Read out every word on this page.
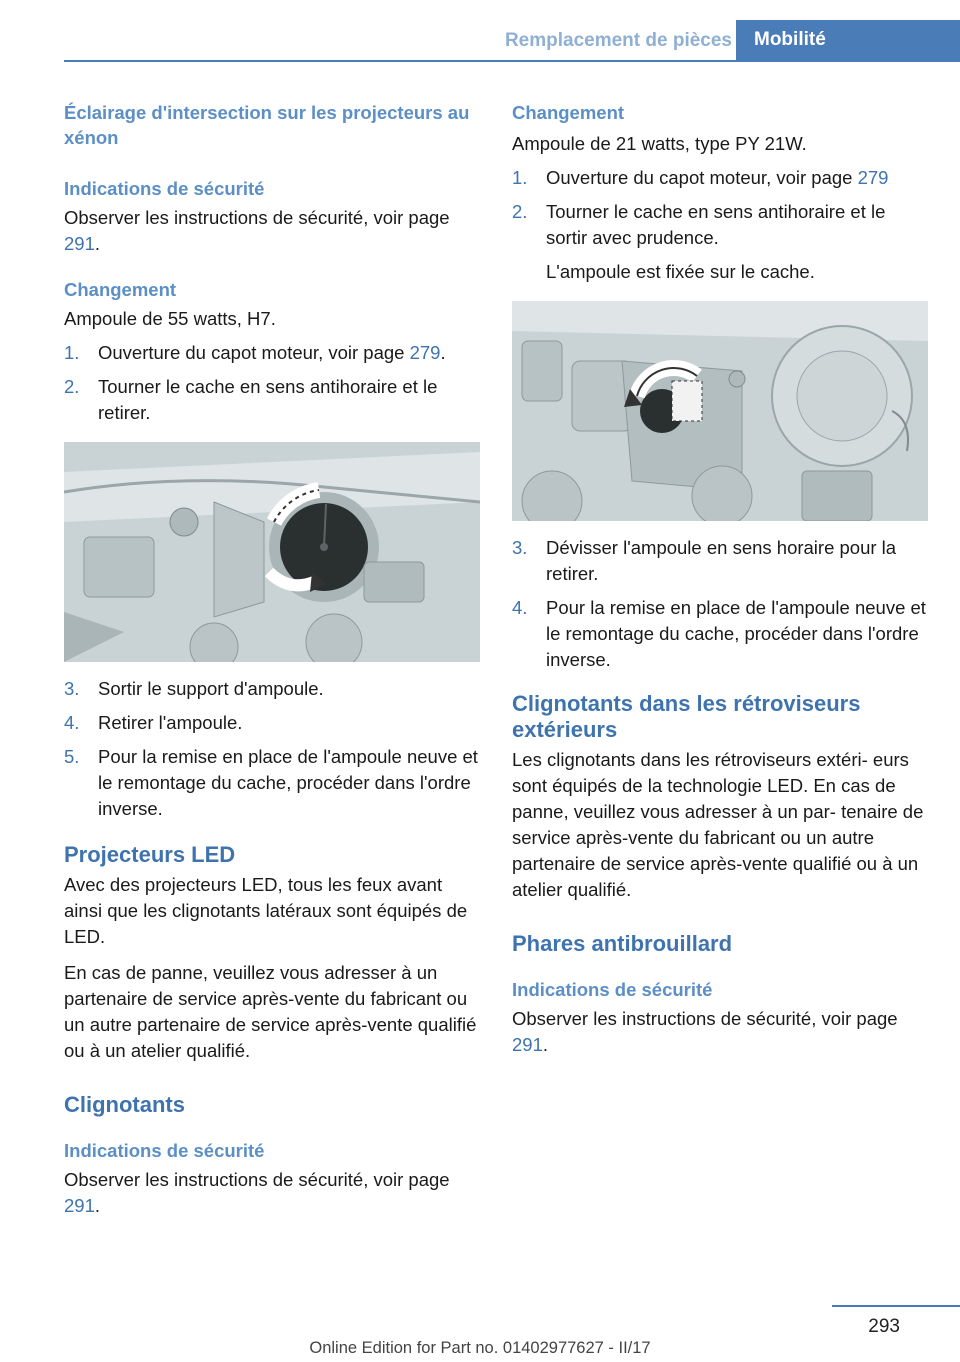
Remplacement de pièces	Mobilité
Éclairage d'intersection sur les projecteurs au xénon
Indications de sécurité

Observer les instructions de sécurité, voir page 291.

Changement

Ampoule de 55 watts, H7.

1. Ouverture du capot moteur, voir page 279.
2. Tourner le cache en sens antihoraire et le retirer.
3. Sortir le support d'ampoule.
4. Retirer l'ampoule.
5. Pour la remise en place de l'ampoule neuve et le remontage du cache, procéder dans l'ordre inverse.
Projecteurs LED

Avec des projecteurs LED, tous les feux avant ainsi que les clignotants latéraux sont équipés de LED.

En cas de panne, veuillez vous adresser à un partenaire de service après-vente du fabricant ou un autre partenaire de service après-vente qualifié ou à un atelier qualifié.

Clignotants
Indications de sécurité

Observer les instructions de sécurité, voir page 291.

Changement

Ampoule de 21 watts, type PY 21W.

1. Ouverture du capot moteur, voir page 279
2. Tourner le cache en sens antihoraire et le sortir avec prudence.
L'ampoule est fixée sur le cache.
3. Dévisser l'ampoule en sens horaire pour la retirer.
4. Pour la remise en place de l'ampoule neuve et le remontage du cache, procéder dans l'ordre inverse.
Clignotants dans les rétroviseurs extérieurs

Les clignotants dans les rétroviseurs extéri- eurs sont équipés de la technologie LED. En cas de panne, veuillez vous adresser à un par- tenaire de service après-vente du fabricant ou un autre partenaire de service après-vente qualifié ou à un atelier qualifié.

Phares antibrouillard
Indications de sécurité

Observer les instructions de sécurité, voir page 291.

293
Online Edition for Part no. 01402977627 - II/17
